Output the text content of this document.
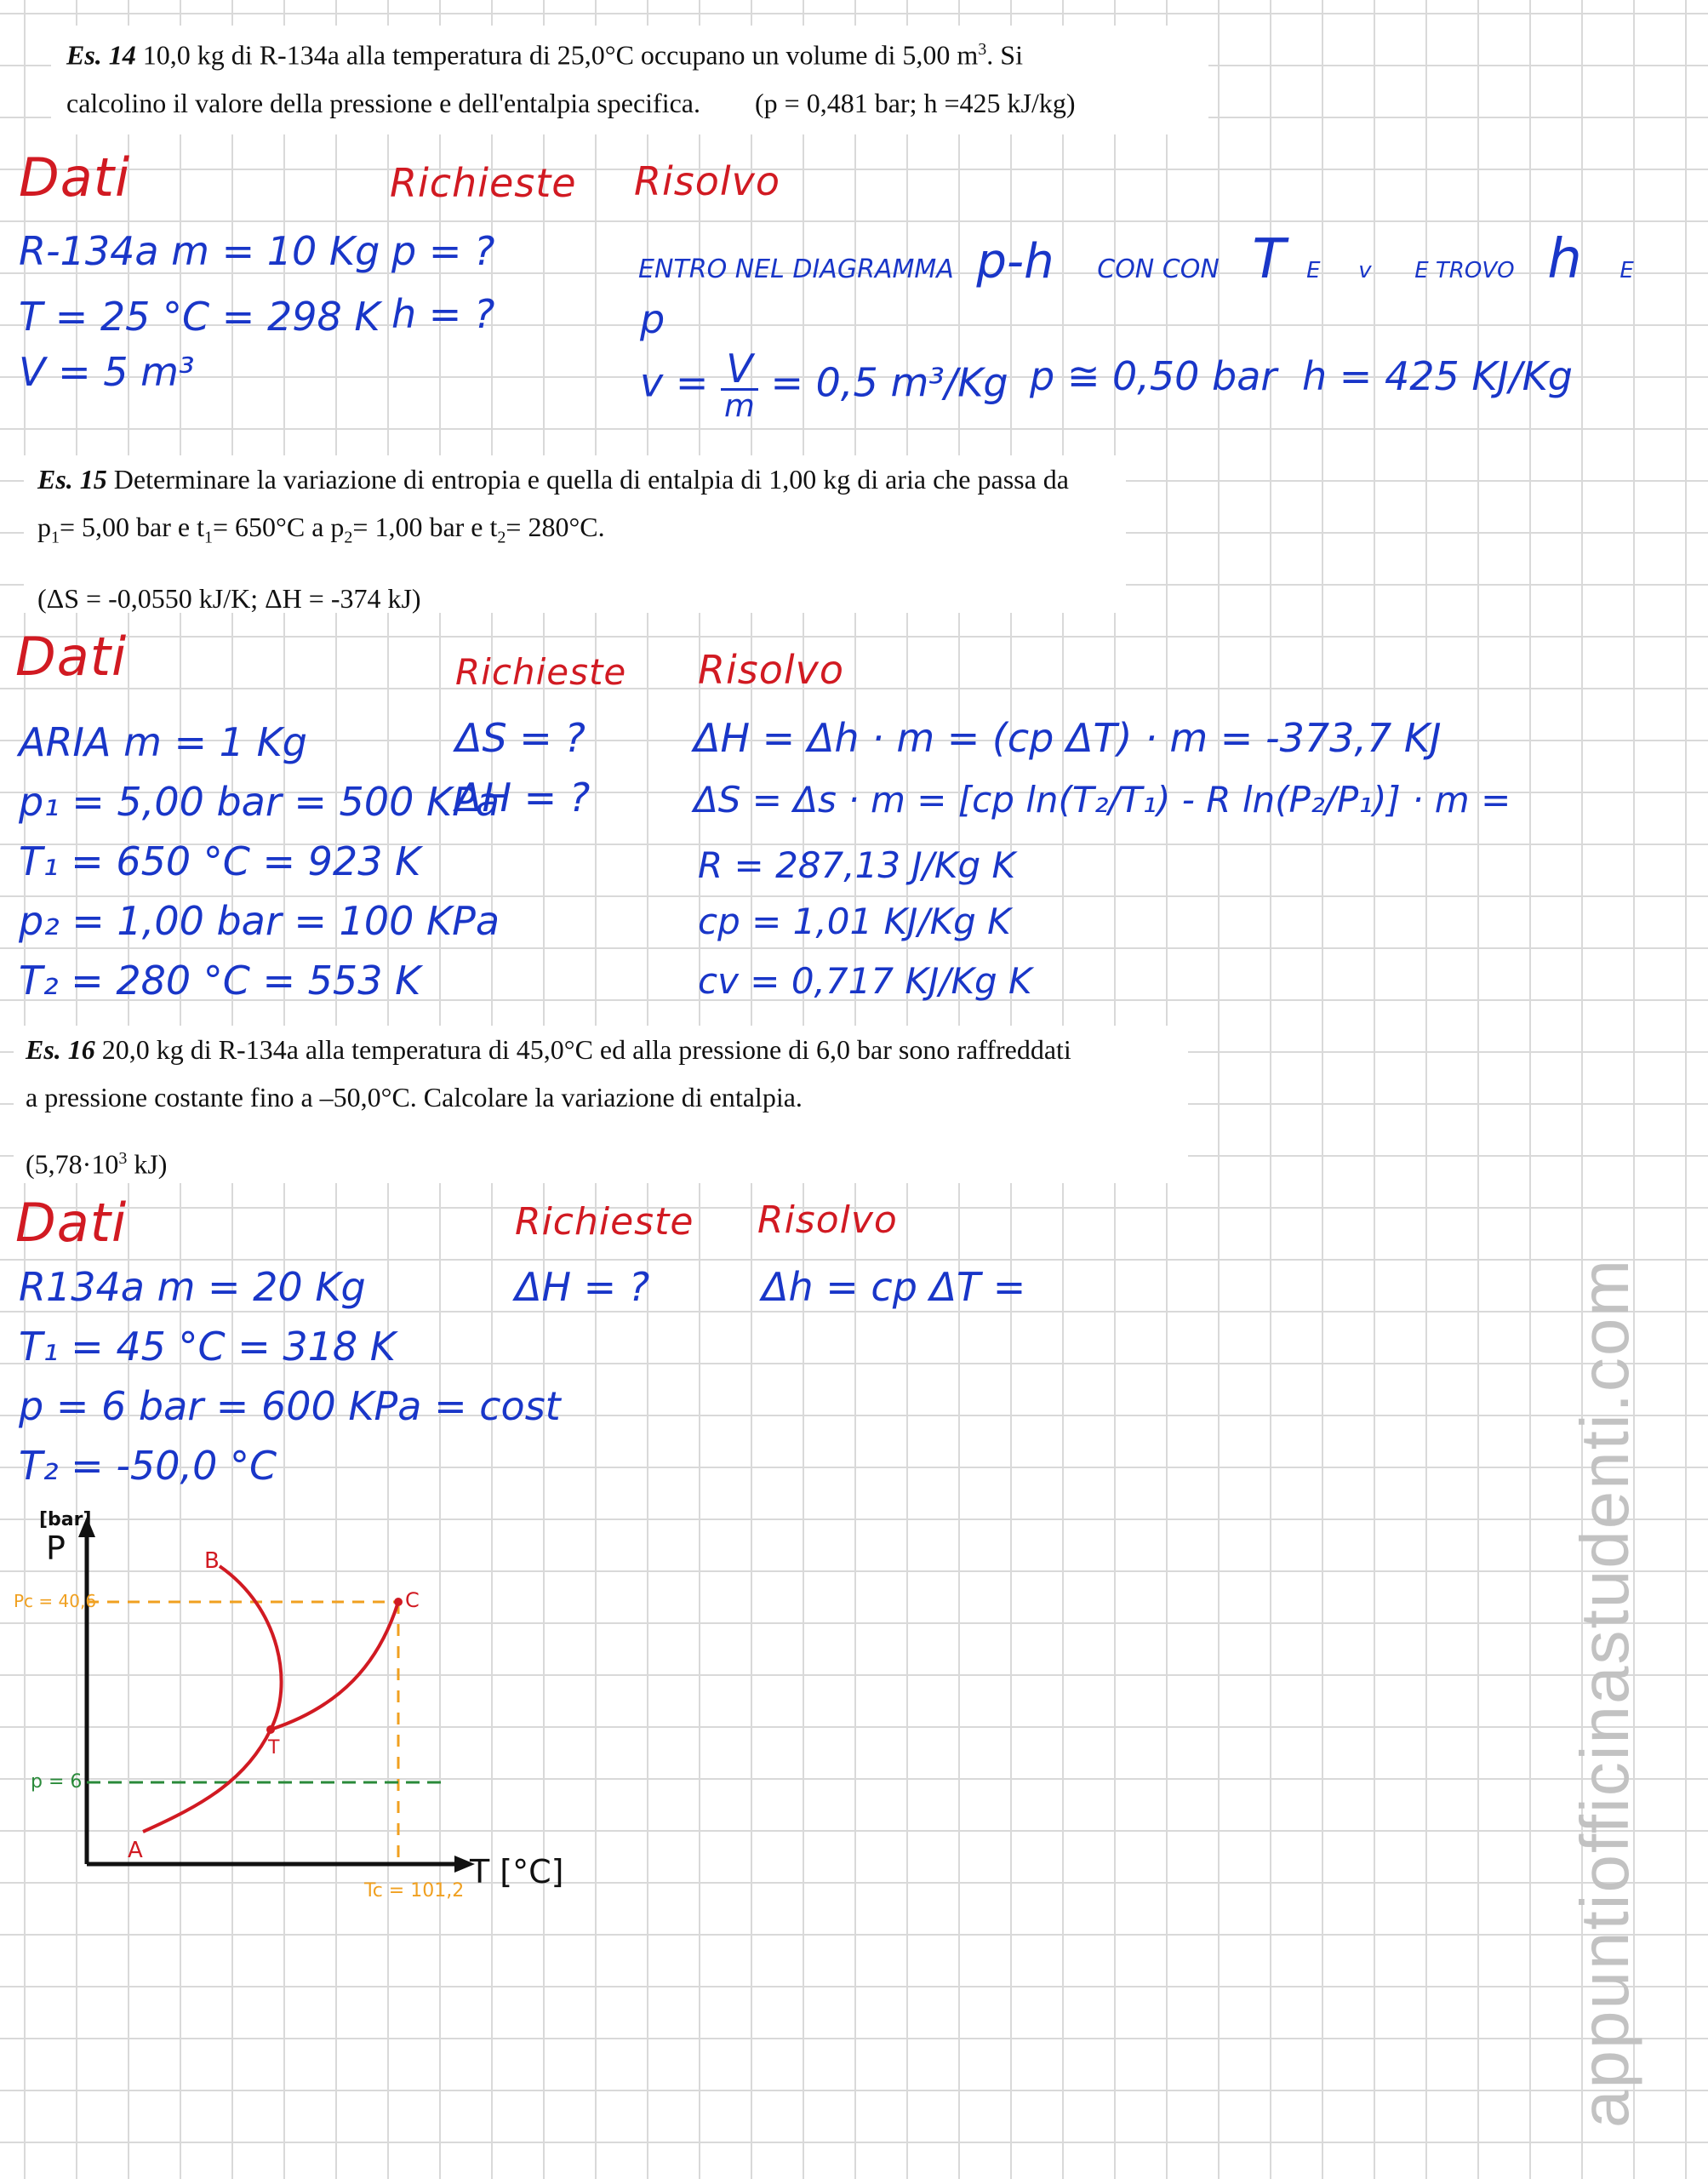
Es. 14 10,0 kg di R-134a alla temperatura di 25,0°C occupano un volume di 5,00 $m^3$. Si

calcolino il valore della pressione e dell'entalpia specifica. (p = 0,481 bar; h =425 kJ/kg)

Dati	Richieste Risolvo
R-134a m = 10 Kg
T = 25 °C = 298 K
V = 5 m³
p = ?
h = ?
ENTRO NEL DIAGRAMMA p-h CON CON T E v E TROVO h E
p
$v = \frac{V}{m} = 0,5$ m³/Kg p ≅ 0,50 bar h = 425 KJ/Kg

Es. 15 Determinare la variazione di entropia e quella di entalpia di 1,00 kg di aria che passa da

$p_1= 5,00$ bar e $t_1= 650^\circ C$ a $p_2= 1,00$ bar e $t_2= 280^\circ C$.

(ΔS = -0,0550 kJ/K; ΔH = -374 kJ)

Dati	Richieste Risolvo
ARIA m = 1 Kg
p₁ = 5,00 bar = 500 KPa
T₁ = 650 °C = 923 K
p₂ = 1,00 bar = 100 KPa
T₂ = 280 °C = 553 K
ΔS = ?
ΔH = ?
ΔH = Δh · m = (cp ΔT) · m = -373,7 KJ
ΔS = Δs · m = [cp ln(T₂/T₁) - R ln(P₂/P₁)] · m =
R = 287,13 J/Kg K
cp = 1,01 KJ/Kg K
cv = 0,717 KJ/Kg K

Es. 16 20,0 kg di R-134a alla temperatura di 45,0°C ed alla pressione di 6,0 bar sono raffreddati

a pressione costante fino a –50,0°C. Calcolare la variazione di entalpia.

($5,78\cdot 10^3$ kJ)

Dati	Richieste Risolvo
R134a m = 20 Kg
T₁ = 45 °C = 318 K
p = 6 bar = 600 KPa = cost
T₂ = -50,0 °C
ΔH = ?	Δh = cp ΔT =
[bar]
P
T [°C]
Pc = 40,6
p = 6
Tc = 101,2
A
B
C
T	appuntiofficinastudenti.com
